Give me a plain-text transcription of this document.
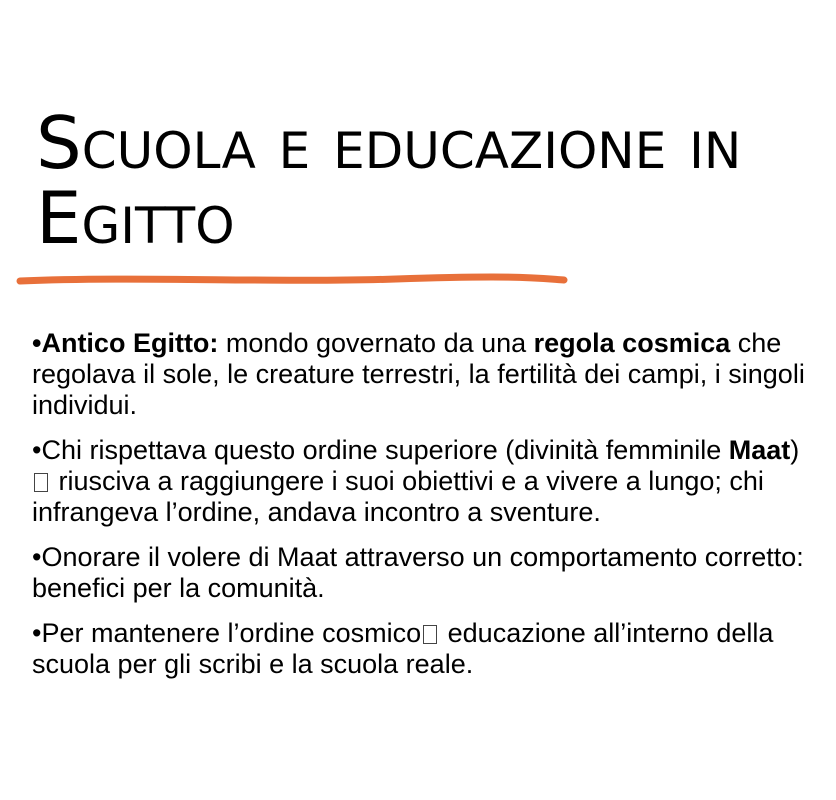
Scuola e educazione in
Egitto

•Antico Egitto: mondo governato da una regola cosmica che regolava il sole, le creature terrestri, la fertilità dei campi, i singoli individui.

•Chi rispettava questo ordine superiore (divinità femminile Maat) riusciva a raggiungere i suoi obiettivi e a vivere a lungo; chi infrangeva l’ordine, andava incontro a sventure.

•Onorare il volere di Maat attraverso un comportamento corretto: benefici per la comunità.

•Per mantenere l’ordine cosmico educazione all’interno della scuola per gli scribi e la scuola reale.
